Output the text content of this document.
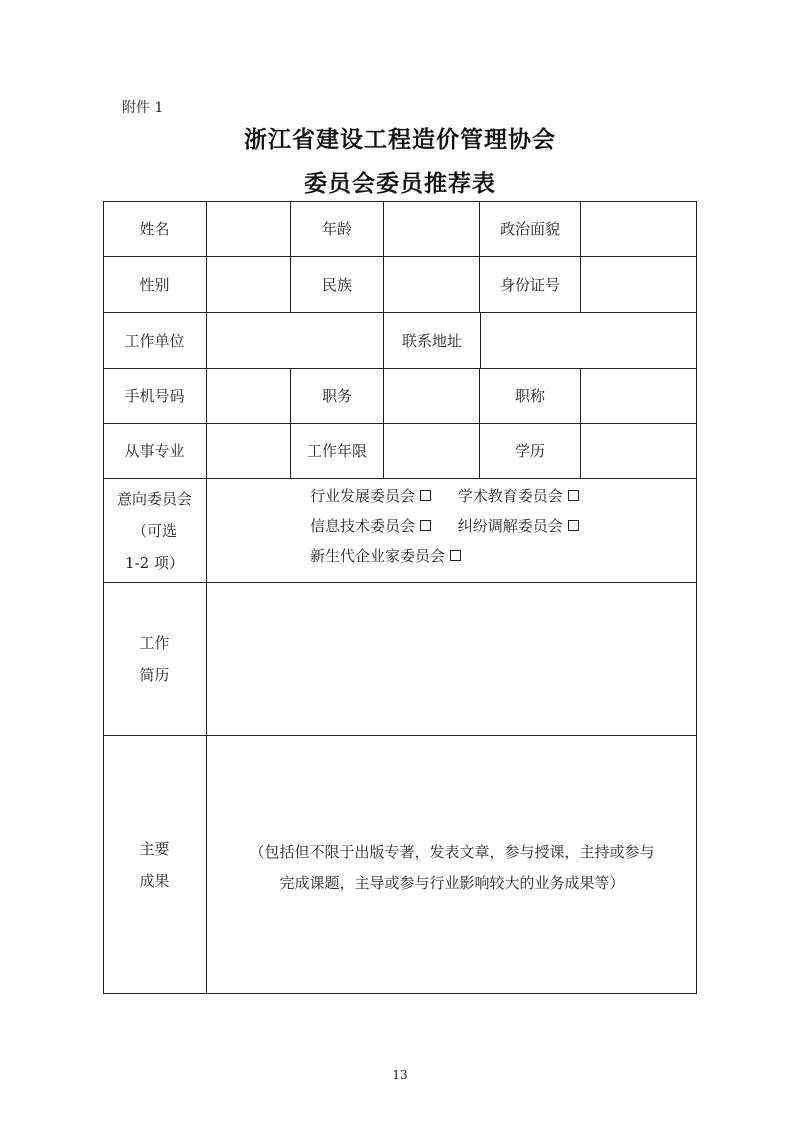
附件 1
浙江省建设工程造价管理协会
委员会委员推荐表
姓名	年龄	政治面貌
性别	民族	身份证号
工作单位	联系地址
手机号码	职务	职称
从事专业	工作年限	学历
意向委员会
（可选
1-2 项）
行业发展委员会	学术教育委员会
信息技术委员会	纠纷调解委员会
新生代企业家委员会
工作
简历
主要
成果
（包括但不限于出版专著，发表文章，参与授课，主持或参与
完成课题，主导或参与行业影响较大的业务成果等）
13
